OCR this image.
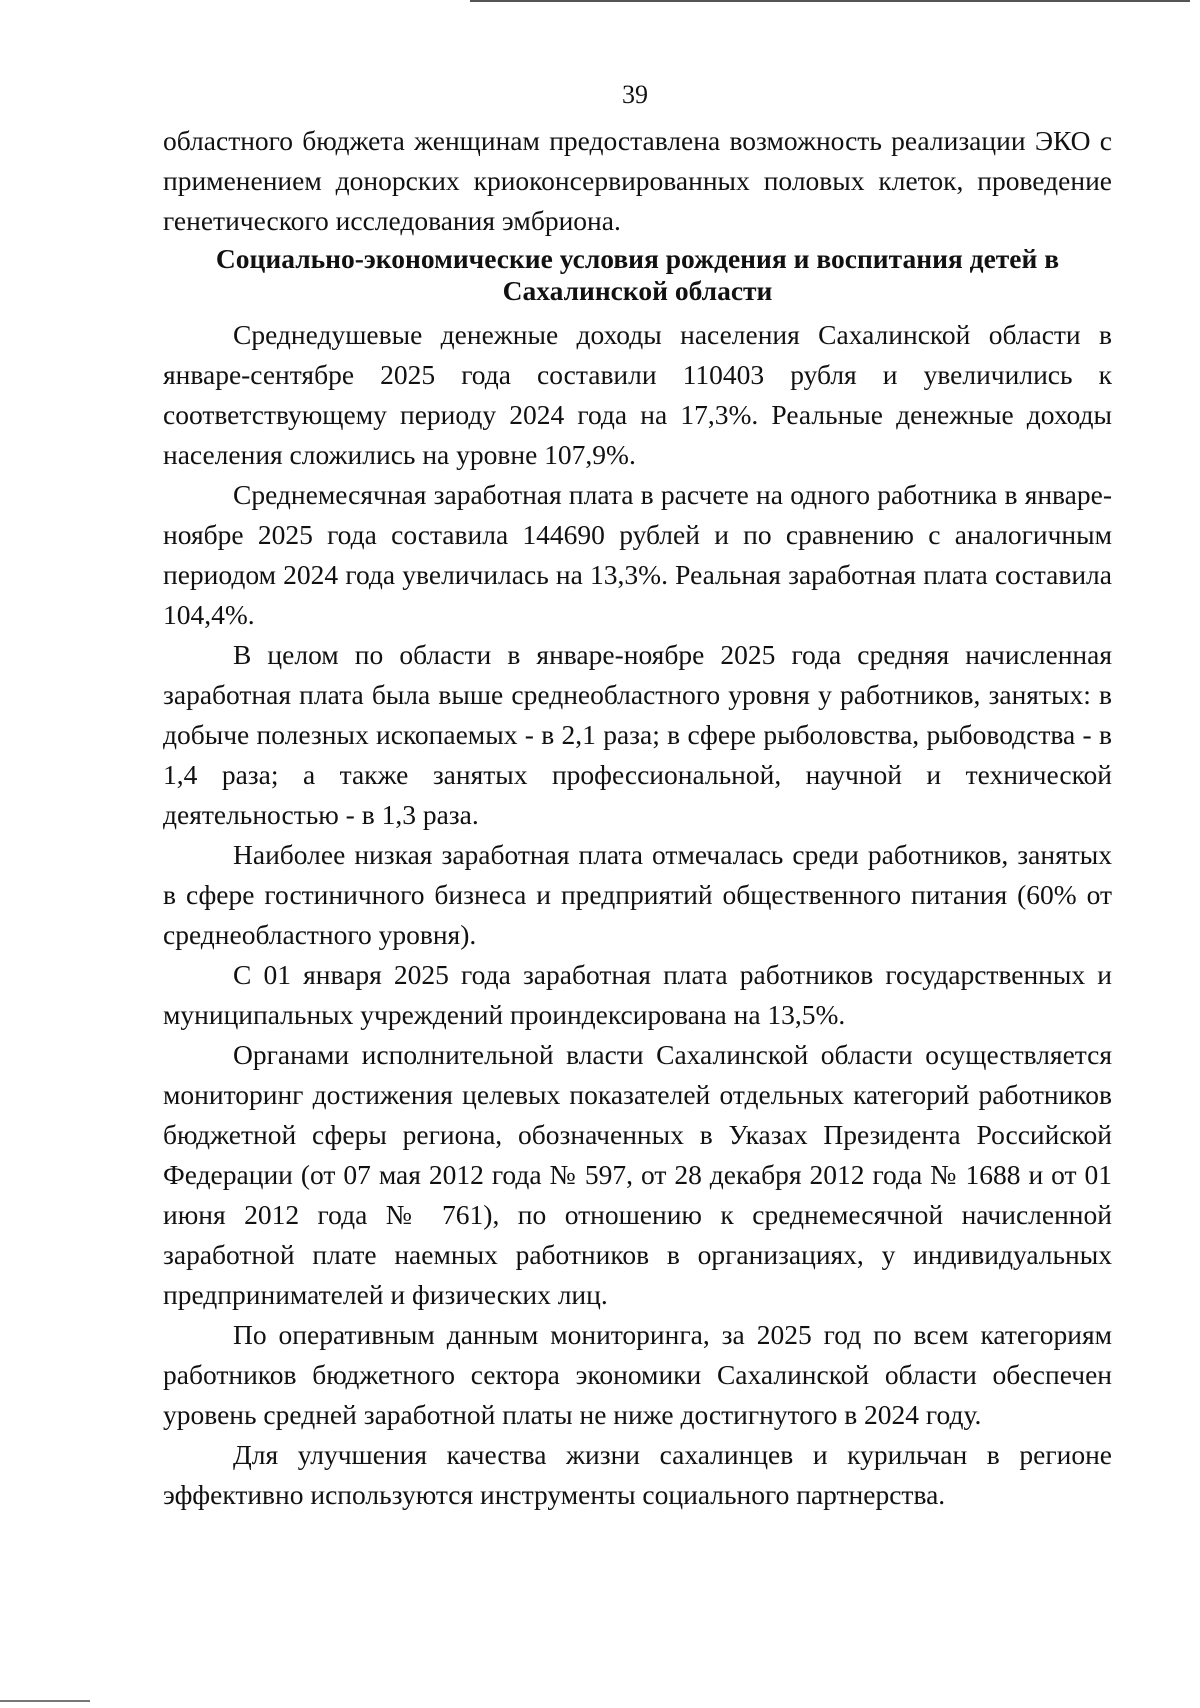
39

областного бюджета женщинам предоставлена возможность реализации ЭКО с применением донорских криоконсервированных половых клеток, проведение генетического исследования эмбриона.

Социально-экономические условия рождения и воспитания детей в
Сахалинской области

Среднедушевые денежные доходы населения Сахалинской области в январе-сентябре 2025 года составили 110403 рубля и увеличились к соответствующему периоду 2024 года на 17,3%. Реальные денежные доходы населения сложились на уровне 107,9%.

Среднемесячная заработная плата в расчете на одного работника в январе-ноябре 2025 года составила 144690 рублей и по сравнению с аналогичным периодом 2024 года увеличилась на 13,3%. Реальная заработная плата составила 104,4%.

В целом по области в январе-ноябре 2025 года средняя начисленная заработная плата была выше среднеобластного уровня у работников, занятых: в добыче полезных ископаемых - в 2,1 раза; в сфере рыболовства, рыбоводства - в 1,4 раза; а также занятых профессиональной, научной и технической деятельностью - в 1,3 раза.

Наиболее низкая заработная плата отмечалась среди работников, занятых в сфере гостиничного бизнеса и предприятий общественного питания (60% от среднеобластного уровня).

С 01 января 2025 года заработная плата работников государственных и муниципальных учреждений проиндексирована на 13,5%.

Органами исполнительной власти Сахалинской области осуществляется мониторинг достижения целевых показателей отдельных категорий работников бюджетной сферы региона, обозначенных в Указах Президента Российской Федерации (от 07 мая 2012 года № 597, от 28 декабря 2012 года № 1688 и от 01 июня 2012 года № 761), по отношению к среднемесячной начисленной заработной плате наемных работников в организациях, у индивидуальных предпринимателей и физических лиц.

По оперативным данным мониторинга, за 2025 год по всем категориям работников бюджетного сектора экономики Сахалинской области обеспечен уровень средней заработной платы не ниже достигнутого в 2024 году.

Для улучшения качества жизни сахалинцев и курильчан в регионе эффективно используются инструменты социального партнерства.
